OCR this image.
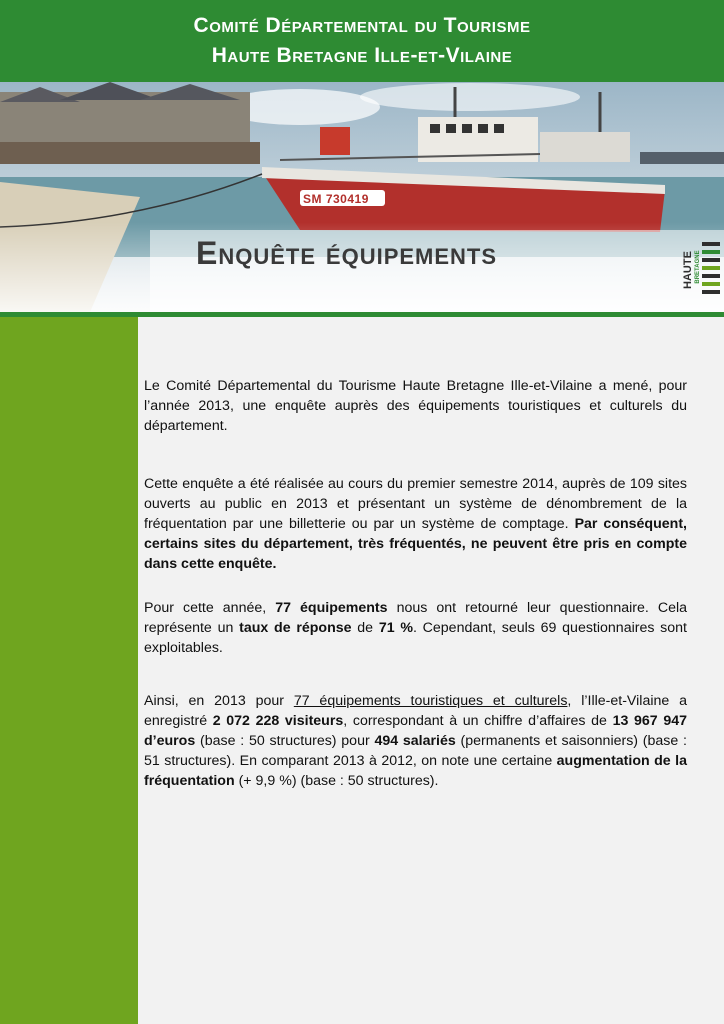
Comité Départemental du Tourisme
Haute Bretagne Ille-et-Vilaine
SM 730419
Enquête équipements	HAUTE BRETAGNE

Le Comité Départemental du Tourisme Haute Bretagne Ille-et-Vilaine a mené, pour l’année 2013, une enquête auprès des équipements touristiques et culturels du département.

Cette enquête a été réalisée au cours du premier semestre 2014, auprès de 109 sites ouverts au public en 2013 et présentant un système de dénombrement de la fréquentation par une billetterie ou par un système de comptage. Par conséquent, certains sites du département, très fréquentés, ne peuvent être pris en compte dans cette enquête.

Pour cette année, 77 équipements nous ont retourné leur questionnaire. Cela représente un taux de réponse de 71 %. Cependant, seuls 69 questionnaires sont exploitables.

Ainsi, en 2013 pour 77 équipements touristiques et culturels, l’Ille-et-Vilaine a enregistré 2 072 228 visiteurs, correspondant à un chiffre d’affaires de 13 967 947 d’euros (base : 50 structures) pour 494 salariés (permanents et saisonniers) (base : 51 structures). En comparant 2013 à 2012, on note une certaine augmentation de la fréquentation (+ 9,9 %) (base : 50 structures).
